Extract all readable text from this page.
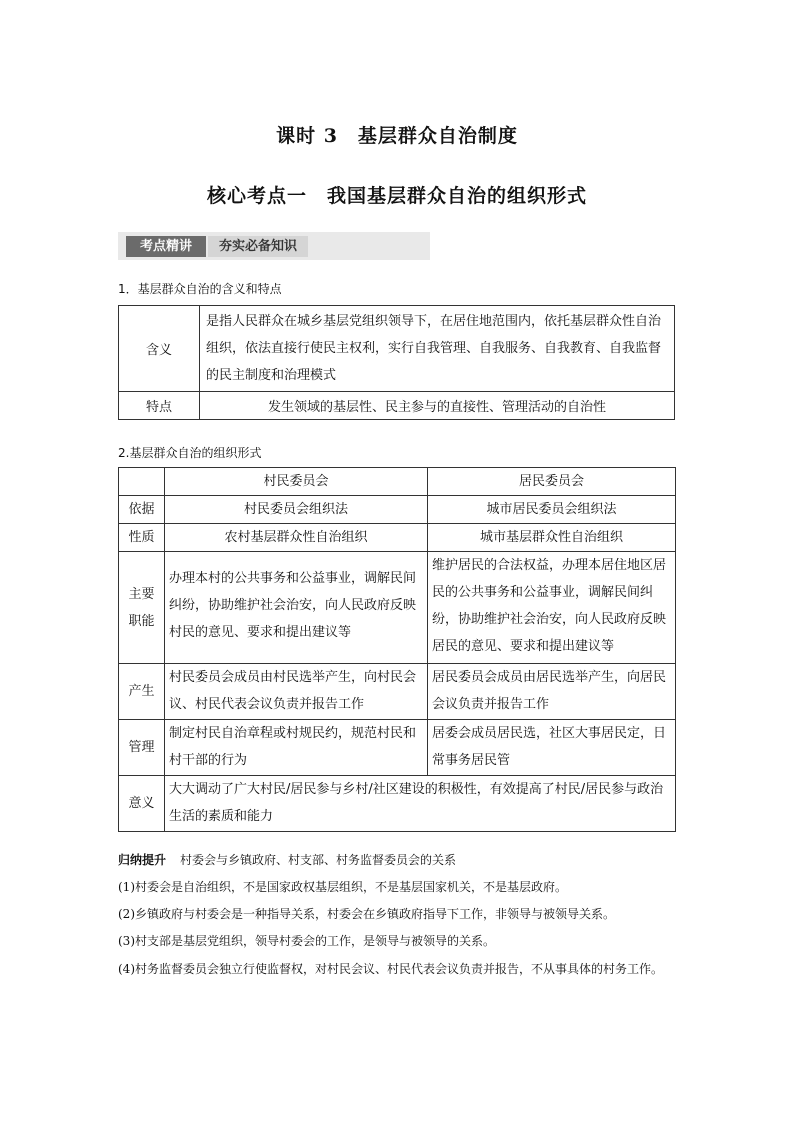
课时 3　基层群众自治制度
核心考点一　我国基层群众自治的组织形式
考点精讲	夯实必备知识
1．基层群众自治的含义和特点
含义	是指人民群众在城乡基层党组织领导下，在居住地范围内，依托基层群众性自治组织，依法直接行使民主权利，实行自我管理、自我服务、自我教育、自我监督的民主制度和治理模式
特点	发生领域的基层性、民主参与的直接性、管理活动的自治性
2.基层群众自治的组织形式
	村民委员会	居民委员会
依据	村民委员会组织法	城市居民委员会组织法
性质	农村基层群众性自治组织	城市基层群众性自治组织
主要职能	办理本村的公共事务和公益事业，调解民间纠纷，协助维护社会治安，向人民政府反映村民的意见、要求和提出建议等	维护居民的合法权益，办理本居住地区居民的公共事务和公益事业，调解民间纠纷，协助维护社会治安，向人民政府反映居民的意见、要求和提出建议等
产生	村民委员会成员由村民选举产生，向村民会议、村民代表会议负责并报告工作	居民委员会成员由居民选举产生，向居民会议负责并报告工作
管理	制定村民自治章程或村规民约，规范村民和村干部的行为	居委会成员居民选，社区大事居民定，日常事务居民管
意义	大大调动了广大村民/居民参与乡村/社区建设的积极性，有效提高了村民/居民参与政治生活的素质和能力	
归纳提升 村委会与乡镇政府、村支部、村务监督委员会的关系
(1)村委会是自治组织，不是国家政权基层组织，不是基层国家机关，不是基层政府。
(2)乡镇政府与村委会是一种指导关系，村委会在乡镇政府指导下工作，非领导与被领导关系。
(3)村支部是基层党组织，领导村委会的工作，是领导与被领导的关系。
(4)村务监督委员会独立行使监督权，对村民会议、村民代表会议负责并报告，不从事具体的村务工作。
